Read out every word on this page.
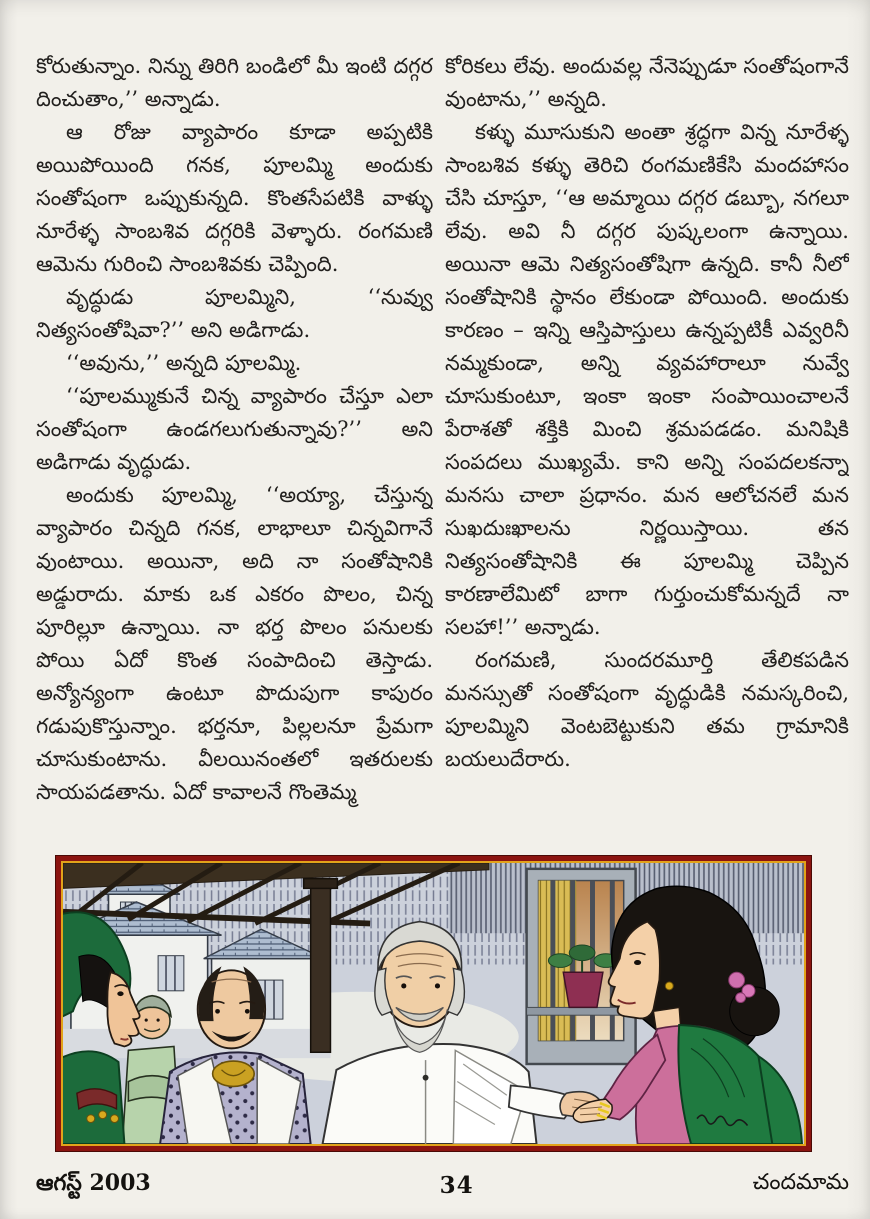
కోరుతున్నాం. నిన్ను తిరిగి బండిలో మీ ఇంటి దగ్గర దించుతాం,’’ అన్నాడు.

ఆ రోజు వ్యాపారం కూడా అప్పటికి అయిపోయింది గనక, పూలమ్మి అందుకు సంతోషంగా ఒప్పుకున్నది. కొంతసేపటికి వాళ్ళు నూరేళ్ళ సాంబశివ దగ్గరికి వెళ్ళారు. రంగమణి ఆమెను గురించి సాంబశివకు చెప్పింది.

వృద్ధుడు పూలమ్మిని, ‘‘నువ్వు నిత్యసంతోషివా?’’ అని అడిగాడు.

‘‘అవును,’’ అన్నది పూలమ్మి.

‘‘పూలమ్ముకునే చిన్న వ్యాపారం చేస్తూ ఎలా సంతోషంగా ఉండగలుగుతున్నావు?’’ అని అడిగాడు వృద్ధుడు.

అందుకు పూలమ్మి, ‘‘అయ్యా, చేస్తున్న వ్యాపారం చిన్నది గనక, లాభాలూ చిన్నవిగానే వుంటాయి. అయినా, అది నా సంతోషానికి అడ్డురాదు. మాకు ఒక ఎకరం పొలం, చిన్న పూరిల్లూ ఉన్నాయి. నా భర్త పొలం పనులకు పోయి ఏదో కొంత సంపాదించి తెస్తాడు. అన్యోన్యంగా ఉంటూ పొదుపుగా కాపురం గడుపుకొస్తున్నాం. భర్తనూ, పిల్లలనూ ప్రేమగా చూసుకుంటాను. వీలయినంతలో ఇతరులకు సాయపడతాను. ఏదో కావాలనే గొంతెమ్మ

కోరికలు లేవు. అందువల్ల నేనెప్పుడూ సంతోషంగానే వుంటాను,’’ అన్నది.

కళ్ళు మూసుకుని అంతా శ్రద్ధగా విన్న నూరేళ్ళ సాంబశివ కళ్ళు తెరిచి రంగమణికేసి మందహాసం చేసి చూస్తూ, ‘‘ఆ అమ్మాయి దగ్గర డబ్బూ, నగలూ లేవు. అవి నీ దగ్గర పుష్కలంగా ఉన్నాయి. అయినా ఆమె నిత్యసంతోషిగా ఉన్నది. కానీ నీలో సంతోషానికి స్థానం లేకుండా పోయింది. అందుకు కారణం – ఇన్ని ఆస్తిపాస్తులు ఉన్నప్పటికీ ఎవ్వరినీ నమ్మకుండా, అన్ని వ్యవహారాలూ నువ్వే చూసుకుంటూ, ఇంకా ఇంకా సంపాయించాలనే పేరాశతో శక్తికి మించి శ్రమపడడం. మనిషికి సంపదలు ముఖ్యమే. కాని అన్ని సంపదలకన్నా మనసు చాలా ప్రధానం. మన ఆలోచనలే మన సుఖదుఃఖాలను నిర్ణయిస్తాయి. తన నిత్యసంతోషానికి ఈ పూలమ్మి చెప్పిన కారణాలేమిటో బాగా గుర్తుంచుకోమన్నదే నా సలహా!’’ అన్నాడు.

రంగమణి, సుందరమూర్తి తేలికపడిన మనస్సుతో సంతోషంగా వృద్ధుడికి నమస్కరించి, పూలమ్మిని వెంటబెట్టుకుని తమ గ్రామానికి బయలుదేరారు.

ఆగస్ట్ 2003	34	చందమామ
